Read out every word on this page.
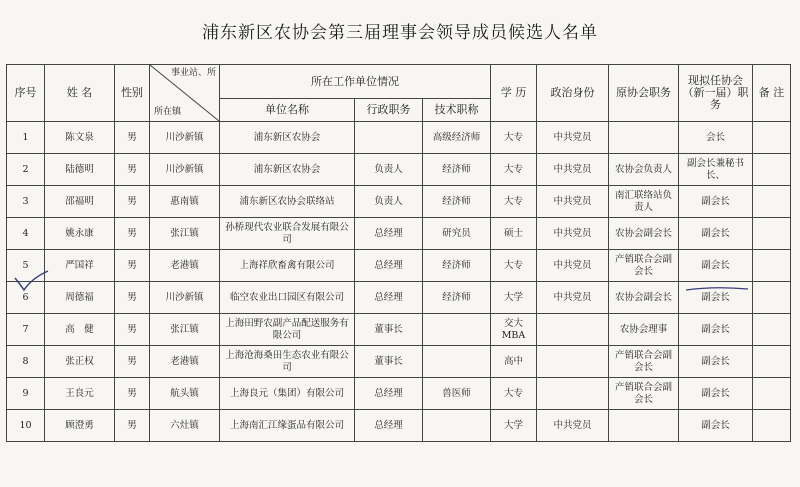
浦东新区农协会第三届理事会领导成员候选人名单
序号	姓 名	性别	事业站、所
所在镇	所在工作单位情况			学 历	政治身份	原协会职务	现拟任协会（新一届）职务	备 注
				单位名称	行政职务	技术职称					
1	陈文泉	男	川沙新镇	浦东新区农协会		高级经济师	大专	中共党员		会长	
2	陆德明	男	川沙新镇	浦东新区农协会	负责人	经济师	大专	中共党员	农协会负责人	副会长兼秘书长、	
3	邵福明	男	惠南镇	浦东新区农协会联络站	负责人	经济师	大专	中共党员	南汇联络站负责人	副会长	
4	姚永康	男	张江镇	孙桥现代农业联合发展有限公司	总经理	研究员	硕士	中共党员	农协会副会长	副会长	
5	严国祥	男	老港镇	上海祥欣畜禽有限公司	总经理	经济师	大专	中共党员	产销联合会副会长	副会长	
6	周德福	男	川沙新镇	临空农业出口园区有限公司	总经理	经济师	大学	中共党员	农协会副会长	副会长	
7	高　健	男	张江镇	上海田野农副产品配送服务有限公司	董事长		交大MBA		农协会理事	副会长	
8	张正权	男	老港镇	上海沧海桑田生态农业有限公司	董事长		高中		产销联合会副会长	副会长	
9	王良元	男	航头镇	上海良元（集团）有限公司	总经理	兽医师	大专		产销联合会副会长	副会长	
10	顾澄勇	男	六灶镇	上海南汇江缘蛋品有限公司	总经理		大学	中共党员		副会长	
